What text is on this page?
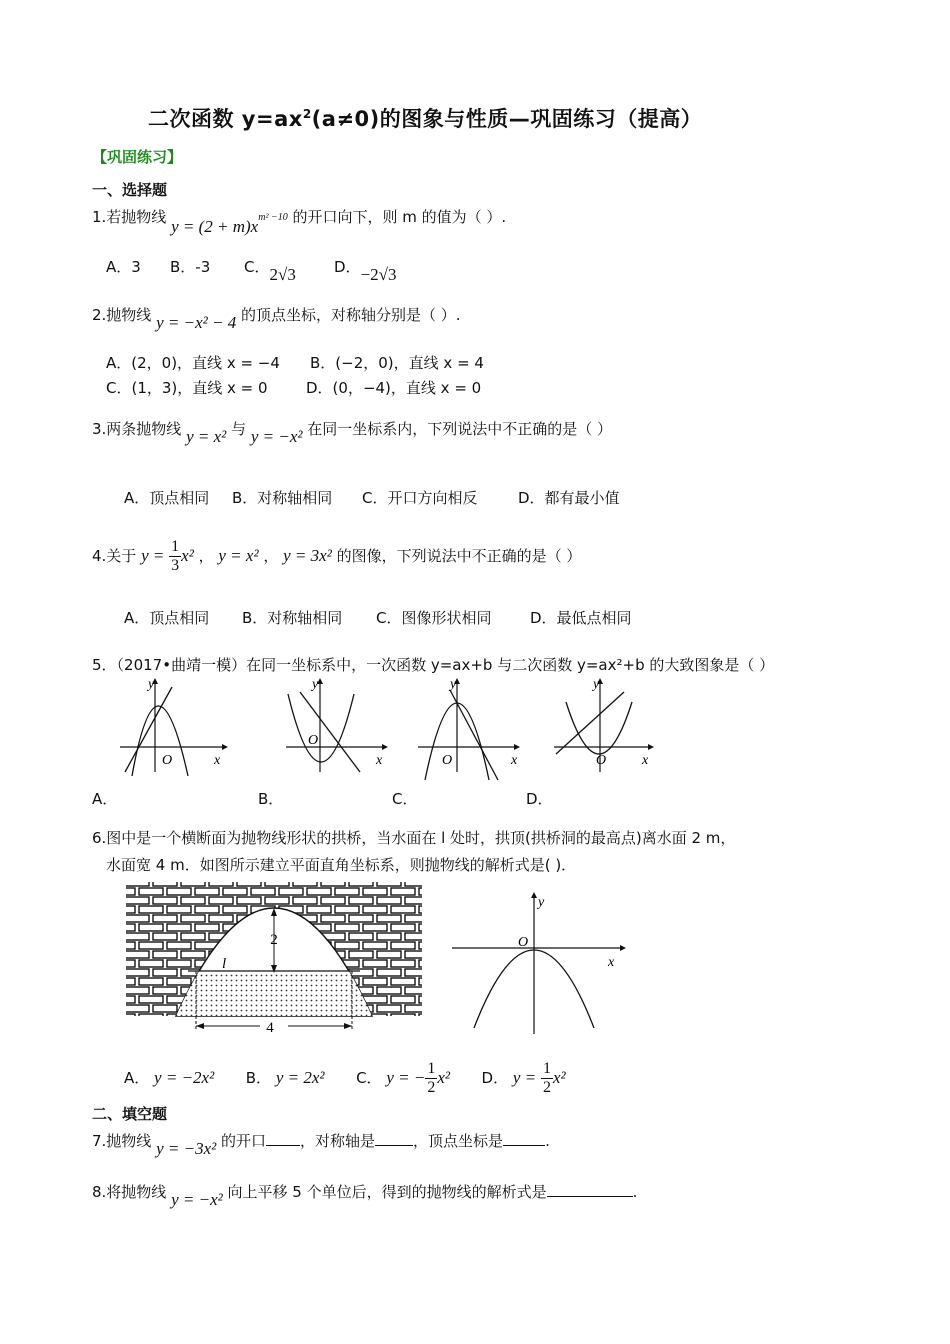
二次函数 $y=ax^2(a\ne 0)$的图象与性质—巩固练习（提高）
【巩固练习】
一、选择题
1.若抛物线 $y = (2 + m)x^{m^2 -10}$ 的开口向下，则 m 的值为（ ）.
A．3 B．-3 C．2√3	D．−2√3
2.抛物线 y = −x² − 4 的顶点坐标，对称轴分别是（ ）.
A．(2，0)，直线 x = −4 B．(−2，0)，直线 x = 4
C．(1，3)，直线 x = 0	D．(0，−4)，直线 x = 0
3.两条抛物线 y = x² 与 y = −x² 在同一坐标系内，下列说法中不正确的是（ ）
A．顶点相同 B．对称轴相同 C．开口方向相反	D．都有最小值
4.关于 $y = \frac{1}{3} x^2$ ， y = x² ， y = 3x² 的图像，下列说法中不正确的是（ ）
A．顶点相同 B．对称轴相同 C．图像形状相同	D．最低点相同
5．（2017•曲靖一模）在同一坐标系中，一次函数 y=ax+b 与二次函数 y=ax²+b 的大致图象是（ ）
y
x
O
y
x
O
y
x
O
y
x
O
A．	B．	C．	D．
6.图中是一个横断面为抛物线形状的拱桥，当水面在 l 处时，拱顶(拱桥洞的最高点)离水面 2 m，
水面宽 4 m．如图所示建立平面直角坐标系，则抛物线的解析式是( )．
2
4
l
y
x
O
A． y = −2x² B． y = 2x² C． y = − $\frac{1}{2} x^2$ D． $y = \frac{1}{2} x^2$
二、填空题
7.抛物线 y = −3x² 的开口 ，对称轴是	，顶点坐标是	.
8.将抛物线 y = −x² 向上平移 5 个单位后，得到的抛物线的解析式是	.
